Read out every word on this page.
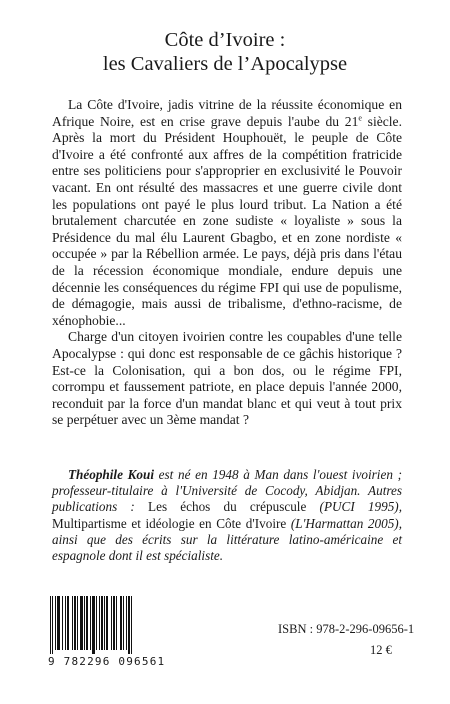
Côte d’Ivoire :
les Cavaliers de l’Apocalypse

La Côte d'Ivoire, jadis vitrine de la réussite économique en Afrique Noire, est en crise grave depuis l'aube du 21e siècle. Après la mort du Président Houphouët, le peuple de Côte d'Ivoire a été confronté aux affres de la compétition fratricide entre ses politiciens pour s'approprier en exclusivité le Pouvoir vacant. En ont résulté des massacres et une guerre civile dont les populations ont payé le plus lourd tribut. La Nation a été brutalement charcutée en zone sudiste « loyaliste » sous la Présidence du mal élu Laurent Gbagbo, et en zone nordiste « occupée » par la Rébellion armée. Le pays, déjà pris dans l'étau de la récession économique mondiale, endure depuis une décennie les conséquences du régime FPI qui use de populisme, de démagogie, mais aussi de tribalisme, d'ethno-racisme, de xénophobie...

Charge d'un citoyen ivoirien contre les coupables d'une telle Apocalypse : qui donc est responsable de ce gâchis historique ? Est-ce la Colonisation, qui a bon dos, ou le régime FPI, corrompu et faussement patriote, en place depuis l'année 2000, reconduit par la force d'un mandat blanc et qui veut à tout prix se perpétuer avec un 3ème mandat ?

Théophile Koui est né en 1948 à Man dans l'ouest ivoirien ; professeur-titulaire à l'Université de Cocody, Abidjan. Autres publications : Les échos du crépuscule (PUCI 1995), Multipartisme et idéologie en Côte d'Ivoire (L'Harmattan 2005), ainsi que des écrits sur la littérature latino-américaine et espagnole dont il est spécialiste.

9 782296 096561
ISBN : 978-2-296-09656-1
12 €
